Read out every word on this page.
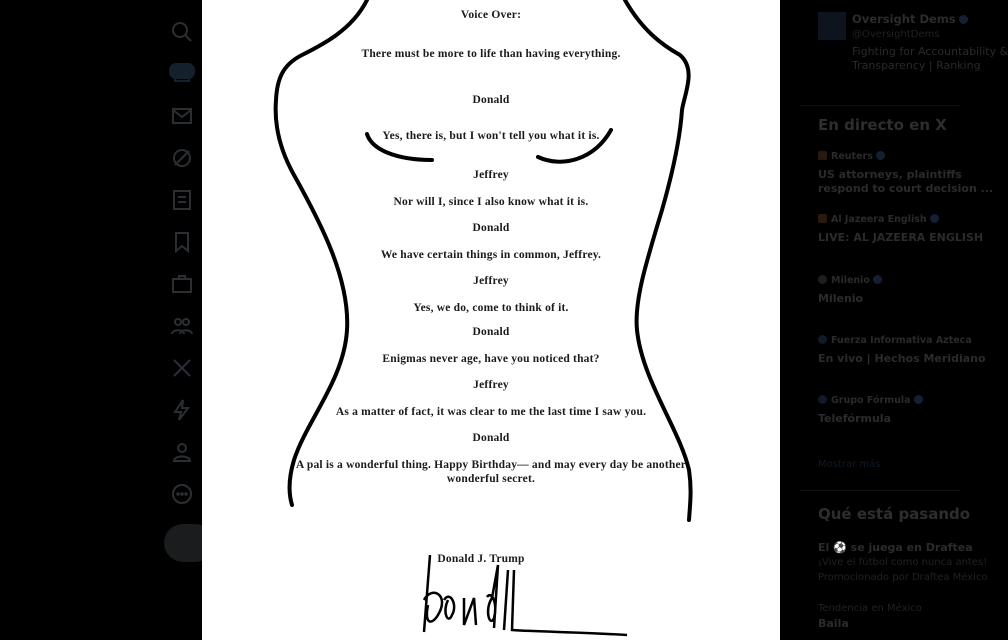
Voice Over:
There must be more to life than having everything.
Donald
Yes, there is, but I won't tell you what it is.
Jeffrey
Nor will I, since I also know what it is.
Donald
We have certain things in common, Jeffrey.
Jeffrey
Yes, we do, come to think of it.
Donald
Enigmas never age, have you noticed that?
Jeffrey
As a matter of fact, it was clear to me the last time I saw you.
Donald
A pal is a wonderful thing. Happy Birthday— and may every day be another
wonderful secret.
Donald J. Trump
Oversight Dems
@OversightDems
Fighting for Accountability &
Transparency | Ranking
En directo en X
Reuters
US attorneys, plaintiffs
respond to court decision ...
Al Jazeera English
LIVE: AL JAZEERA ENGLISH
Milenio
Milenio
Fuerza Informativa Azteca
En vivo | Hechos Meridiano
Grupo Fórmula
Telefórmula
Mostrar más
Qué está pasando
El ⚽ se juega en Draftea
¡Vive el fútbol como nunca antes!
Promocionado por Draftea México
Tendencia en México
Baila
